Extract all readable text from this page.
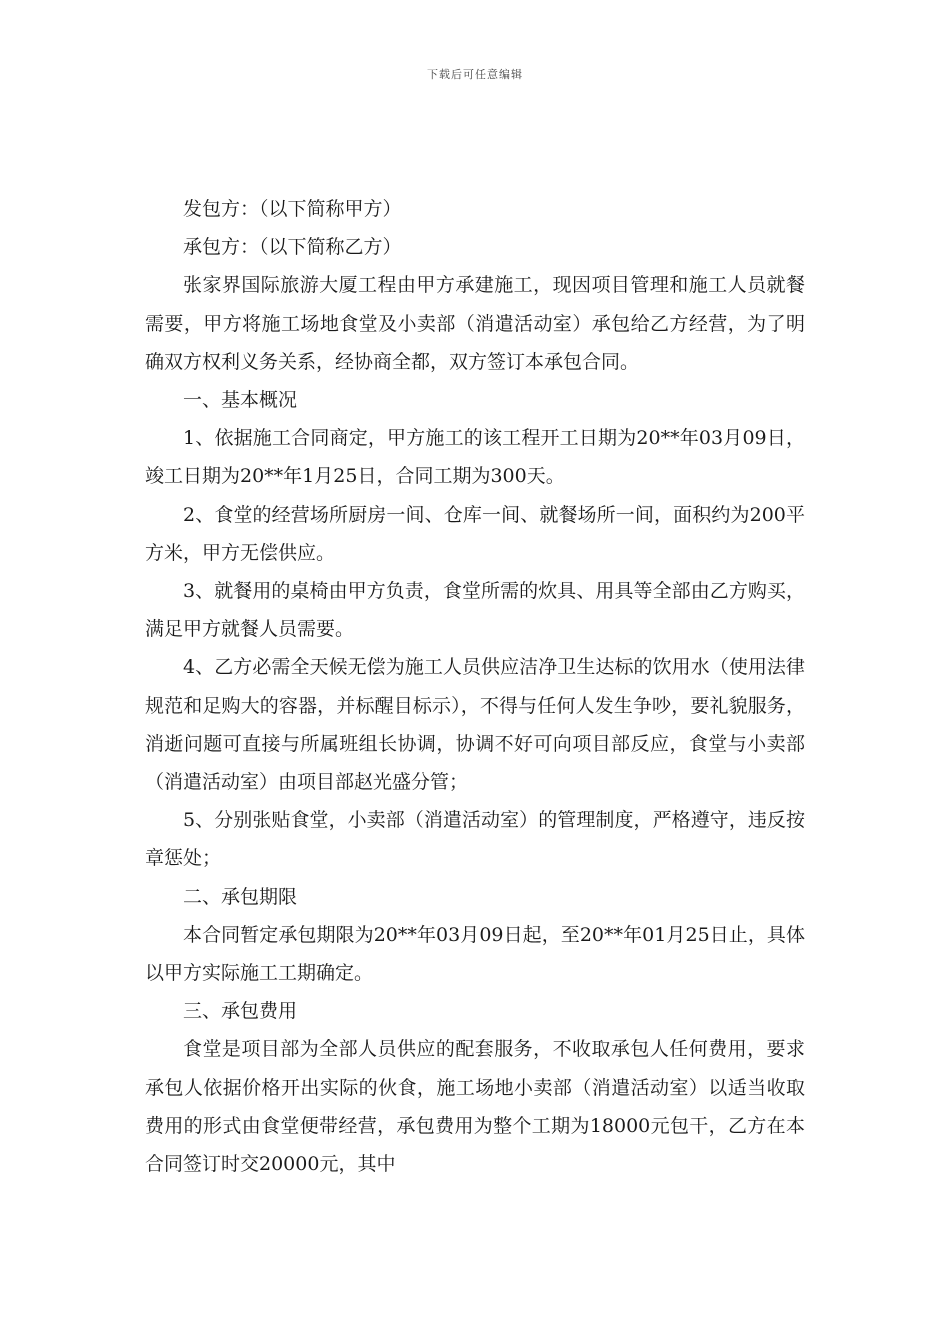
下载后可任意编辑

发包方：（以下简称甲方）

承包方：（以下简称乙方）

张家界国际旅游大厦工程由甲方承建施工，现因项目管理和施工人员就餐需要，甲方将施工场地食堂及小卖部（消遣活动室）承包给乙方经营，为了明确双方权利义务关系，经协商全都，双方签订本承包合同。

一、基本概况

1、依据施工合同商定，甲方施工的该工程开工日期为20**年03月09日，竣工日期为20**年1月25日，合同工期为300天。

2、食堂的经营场所厨房一间、仓库一间、就餐场所一间，面积约为200平方米，甲方无偿供应。

3、就餐用的桌椅由甲方负责，食堂所需的炊具、用具等全部由乙方购买，满足甲方就餐人员需要。

4、乙方必需全天候无偿为施工人员供应洁净卫生达标的饮用水（使用法律规范和足购大的容器，并标醒目标示），不得与任何人发生争吵，要礼貌服务，消逝问题可直接与所属班组长协调，协调不好可向项目部反应，食堂与小卖部（消遣活动室）由项目部赵光盛分管；

5、分别张贴食堂，小卖部（消遣活动室）的管理制度，严格遵守，违反按章惩处；

二、承包期限

本合同暂定承包期限为20**年03月09日起，至20**年01月25日止，具体以甲方实际施工工期确定。

三、承包费用

食堂是项目部为全部人员供应的配套服务，不收取承包人任何费用，要求承包人依据价格开出实际的伙食，施工场地小卖部（消遣活动室）以适当收取费用的形式由食堂便带经营，承包费用为整个工期为18000元包干，乙方在本合同签订时交20000元，其中
